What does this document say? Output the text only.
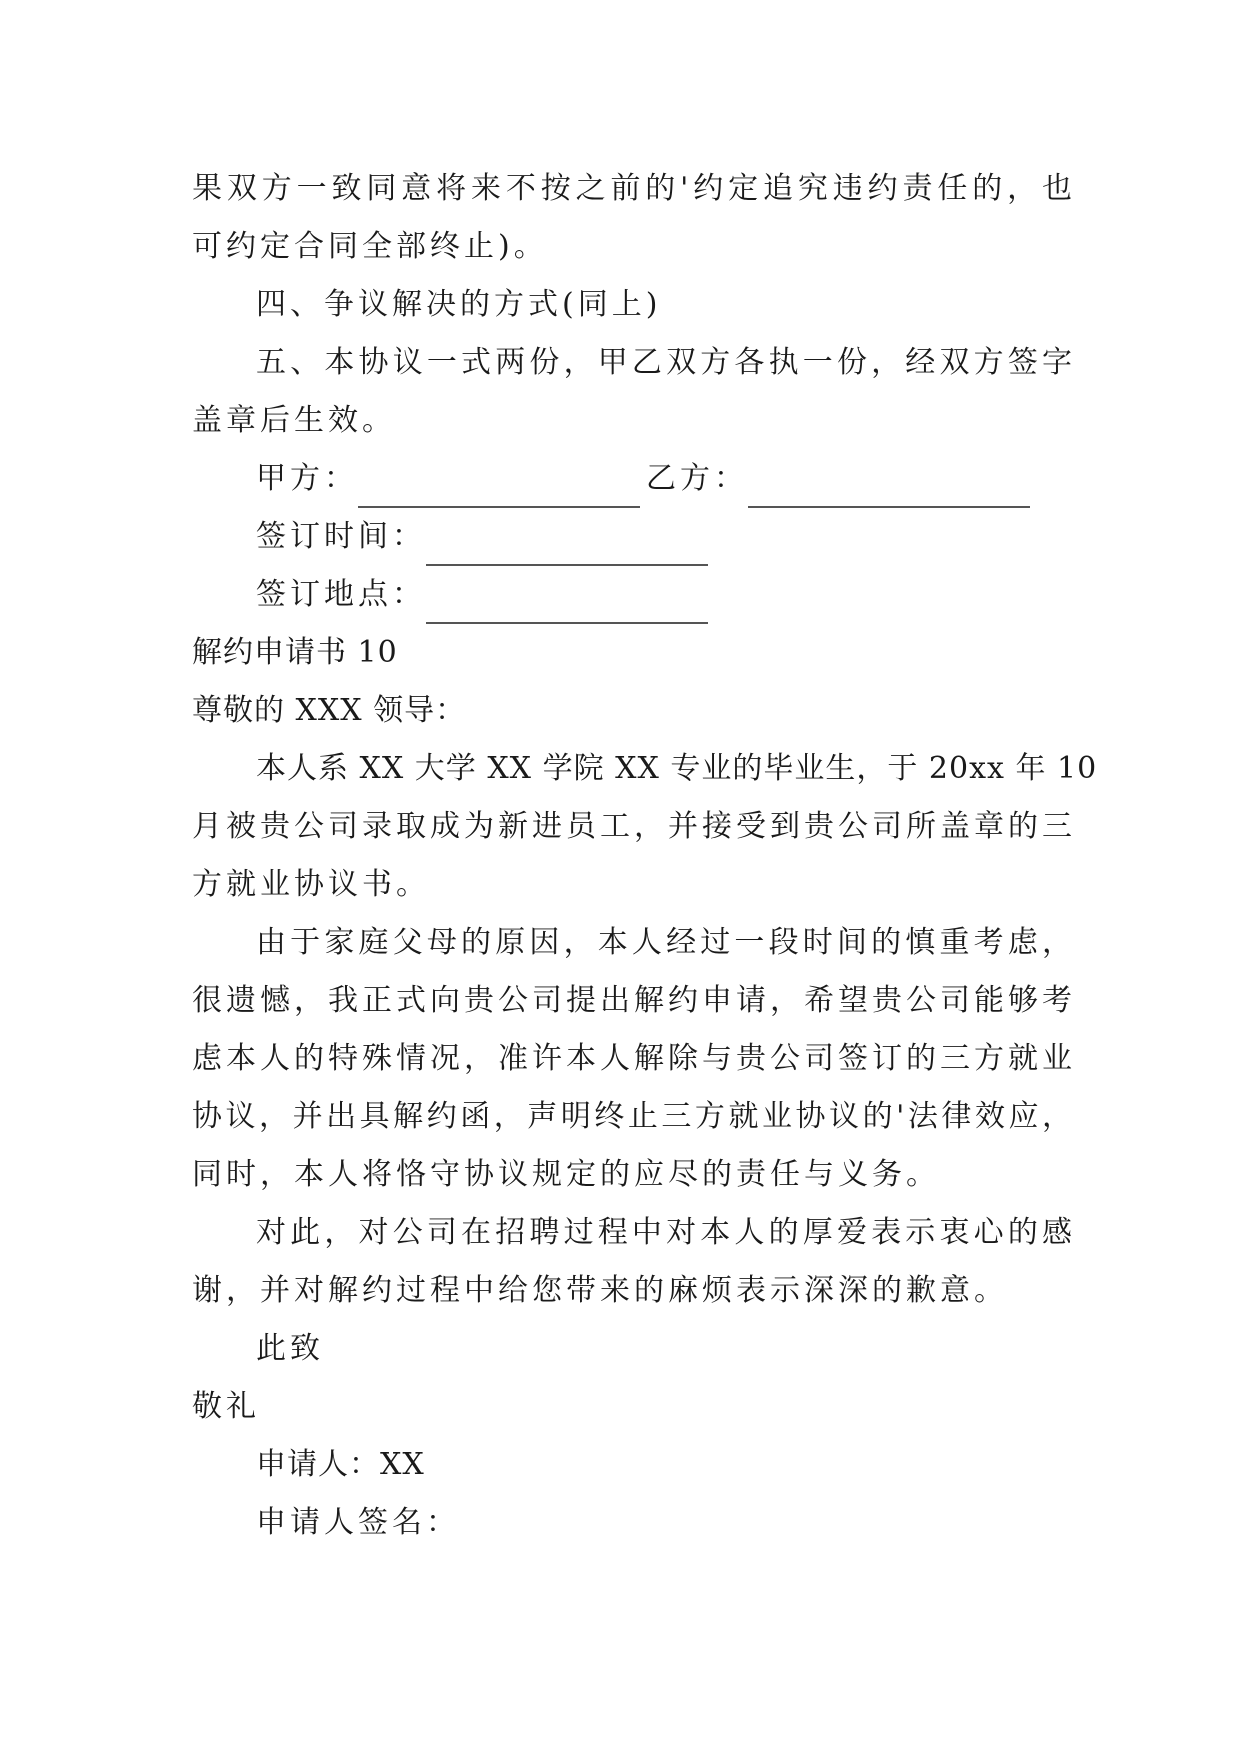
果双方一致同意将来不按之前的'约定追究违约责任的，也
可约定合同全部终止)。
四、争议解决的方式(同上)
五、本协议一式两份，甲乙双方各执一份，经双方签字
盖章后生效。
甲方：	乙方：
签订时间：
签订地点：
解约申请书 10
尊敬的 XXX 领导：
本人系 XX 大学 XX 学院 XX 专业的毕业生，于 20xx 年 10
月被贵公司录取成为新进员工，并接受到贵公司所盖章的三
方就业协议书。
由于家庭父母的原因，本人经过一段时间的慎重考虑，
很遗憾，我正式向贵公司提出解约申请，希望贵公司能够考
虑本人的特殊情况，准许本人解除与贵公司签订的三方就业
协议，并出具解约函，声明终止三方就业协议的'法律效应，
同时，本人将恪守协议规定的应尽的责任与义务。
对此，对公司在招聘过程中对本人的厚爱表示衷心的感
谢，并对解约过程中给您带来的麻烦表示深深的歉意。
此致
敬礼
申请人：XX
申请人签名：
